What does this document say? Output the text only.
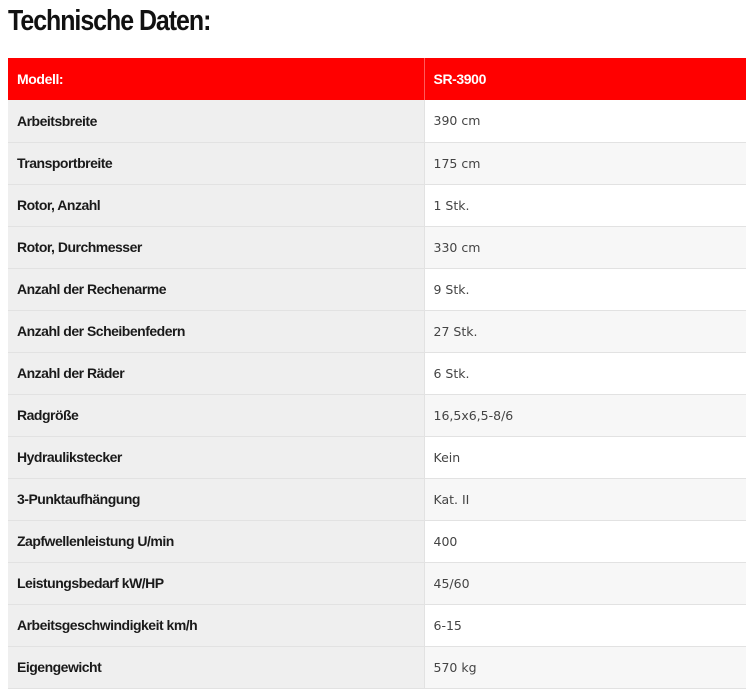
Technische Daten:
Modell:	SR-3900
Arbeitsbreite	390 cm
Transportbreite	175 cm
Rotor, Anzahl	1 Stk.
Rotor, Durchmesser	330 cm
Anzahl der Rechenarme	9 Stk.
Anzahl der Scheibenfedern	27 Stk.
Anzahl der Räder	6 Stk.
Radgröße	16,5x6,5-8/6
Hydraulikstecker	Kein
3-Punktaufhängung	Kat. II
Zapfwellenleistung U/min	400
Leistungsbedarf kW/HP	45/60
Arbeitsgeschwindigkeit km/h	6-15
Eigengewicht	570 kg
